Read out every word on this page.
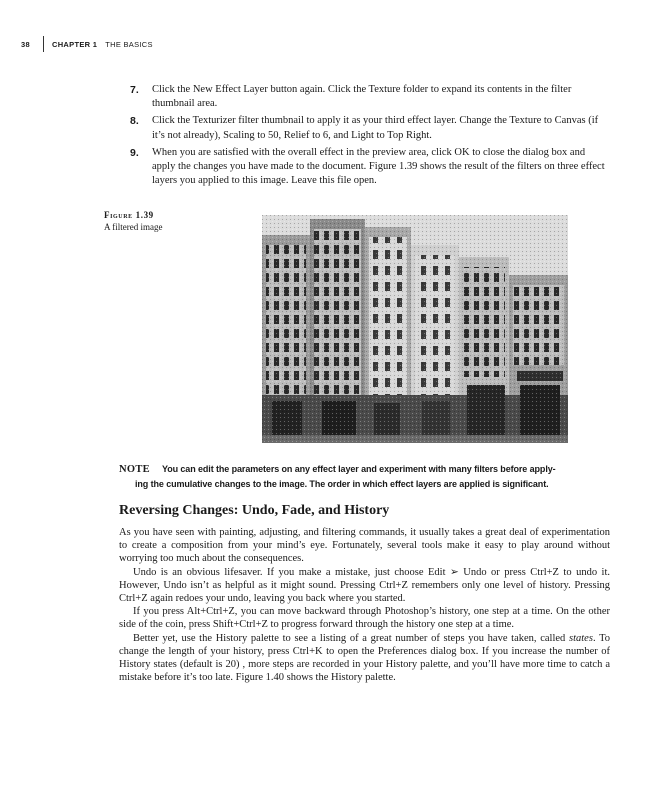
38	CHAPTER 1 THE BASICS
7.	Click the New Effect Layer button again. Click the Texture folder to expand its contents in the filter thumbnail area.
8.	Click the Texturizer filter thumbnail to apply it as your third effect layer. Change the Texture to Canvas (if it’s not already), Scaling to 50, Relief to 6, and Light to Top Right.
9.	When you are satisfied with the overall effect in the preview area, click OK to close the dialog box and apply the changes you have made to the document. Figure 1.39 shows the result of the filters on three effect layers you applied to this image. Leave this file open.
Figure 1.39
A filtered image
NOTE You can edit the parameters on any effect layer and experiment with many filters before apply-
ing the cumulative changes to the image. The order in which effect layers are applied is significant.
Reversing Changes: Undo, Fade, and History

As you have seen with painting, adjusting, and filtering commands, it usually takes a great deal of experimentation to create a composition from your mind’s eye. Fortunately, several tools make it easy to play around without worrying too much about the consequences.

Undo is an obvious lifesaver. If you make a mistake, just choose Edit ➢ Undo or press Ctrl+Z to undo it. However, Undo isn’t as helpful as it might sound. Pressing Ctrl+Z remembers only one level of history. Pressing Ctrl+Z again redoes your undo, leaving you back where you started.

If you press Alt+Ctrl+Z, you can move backward through Photoshop’s history, one step at a time. On the other side of the coin, press Shift+Ctrl+Z to progress forward through the history one step at a time.

Better yet, use the History palette to see a listing of a great number of steps you have taken, called states. To change the length of your history, press Ctrl+K to open the Preferences dialog box. If you increase the number of History states (default is 20) , more steps are recorded in your History palette, and you’ll have more time to catch a mistake before it’s too late. Figure 1.40 shows the History palette.
